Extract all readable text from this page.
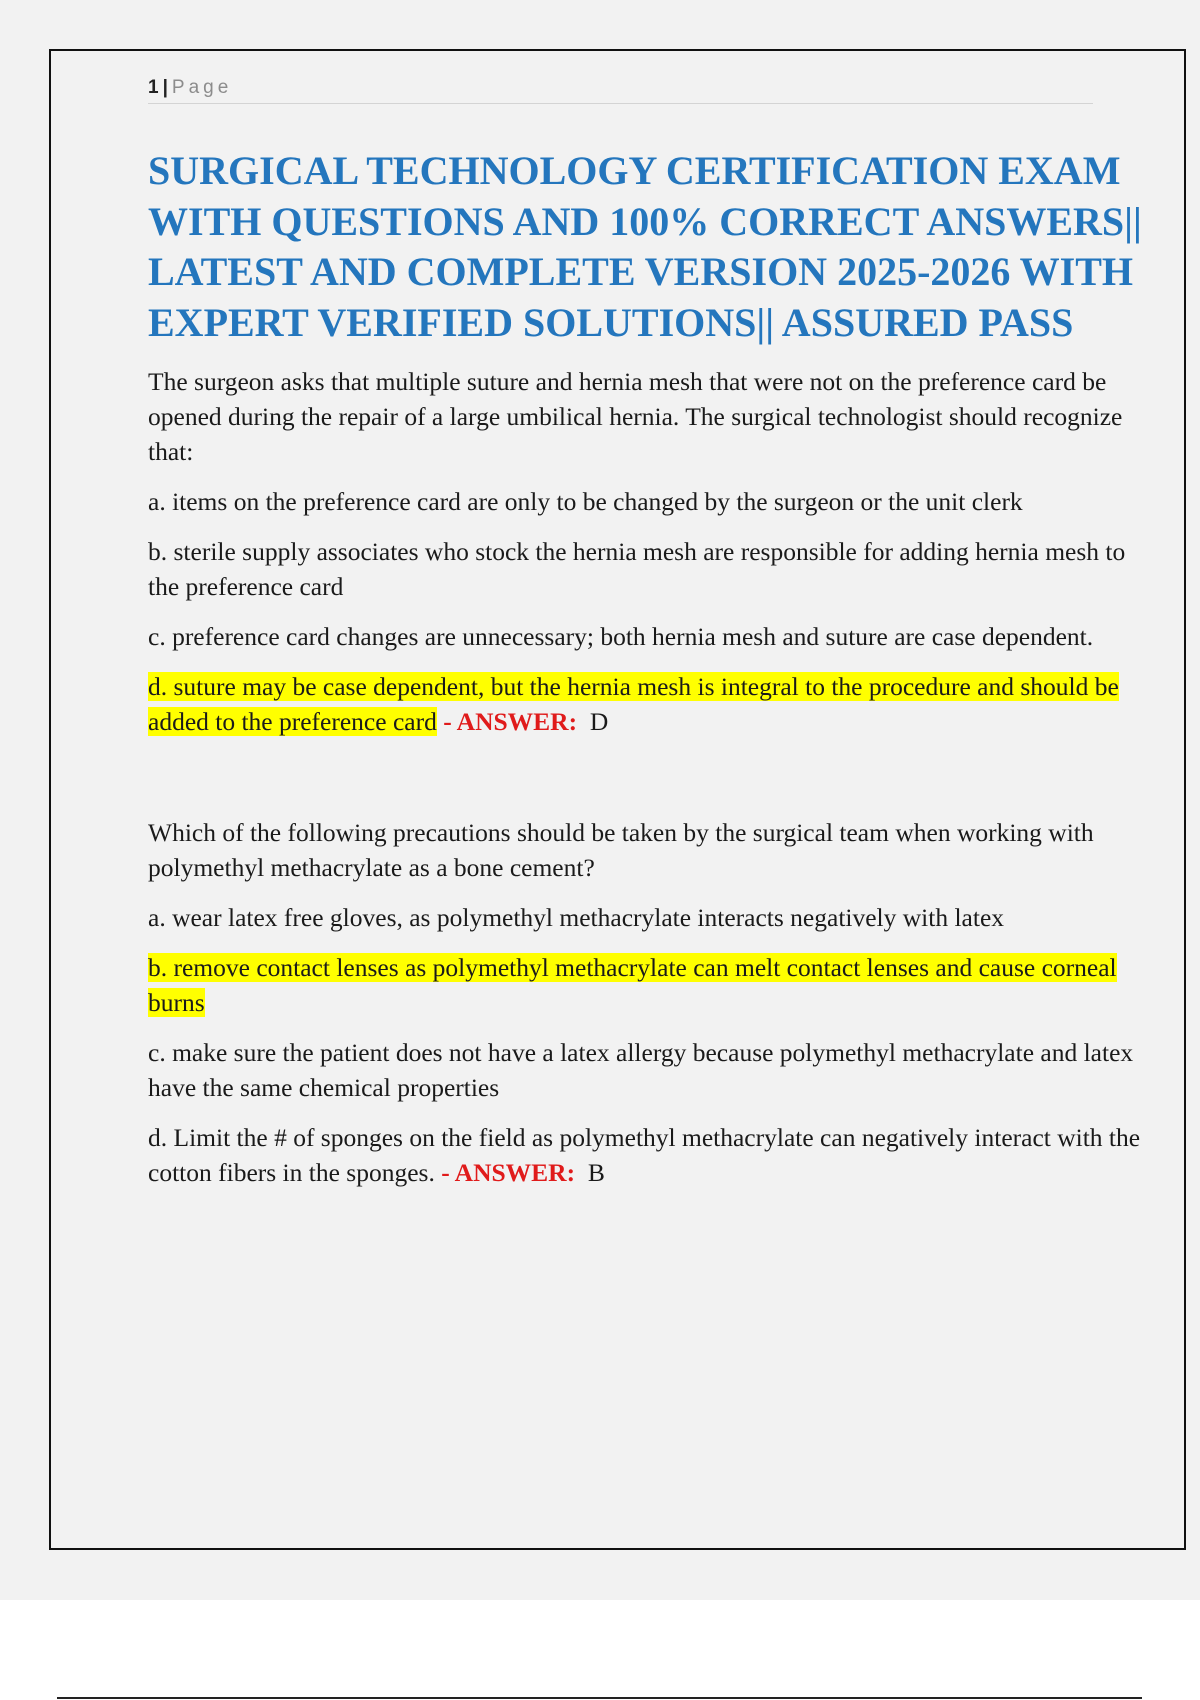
1 | Page
SURGICAL TECHNOLOGY CERTIFICATION EXAM WITH QUESTIONS AND 100% CORRECT ANSWERS|| LATEST AND COMPLETE VERSION 2025-2026 WITH EXPERT VERIFIED SOLUTIONS|| ASSURED PASS

The surgeon asks that multiple suture and hernia mesh that were not on the preference card be opened during the repair of a large umbilical hernia. The surgical technologist should recognize that:

a. items on the preference card are only to be changed by the surgeon or the unit clerk

b. sterile supply associates who stock the hernia mesh are responsible for adding hernia mesh to the preference card

c. preference card changes are unnecessary; both hernia mesh and suture are case dependent.

d. suture may be case dependent, but the hernia mesh is integral to the procedure and should be added to the preference card - ANSWER: D

Which of the following precautions should be taken by the surgical team when working with polymethyl methacrylate as a bone cement?

a. wear latex free gloves, as polymethyl methacrylate interacts negatively with latex

b. remove contact lenses as polymethyl methacrylate can melt contact lenses and cause corneal burns

c. make sure the patient does not have a latex allergy because polymethyl methacrylate and latex have the same chemical properties

d. Limit the # of sponges on the field as polymethyl methacrylate can negatively interact with the cotton fibers in the sponges. - ANSWER: B
